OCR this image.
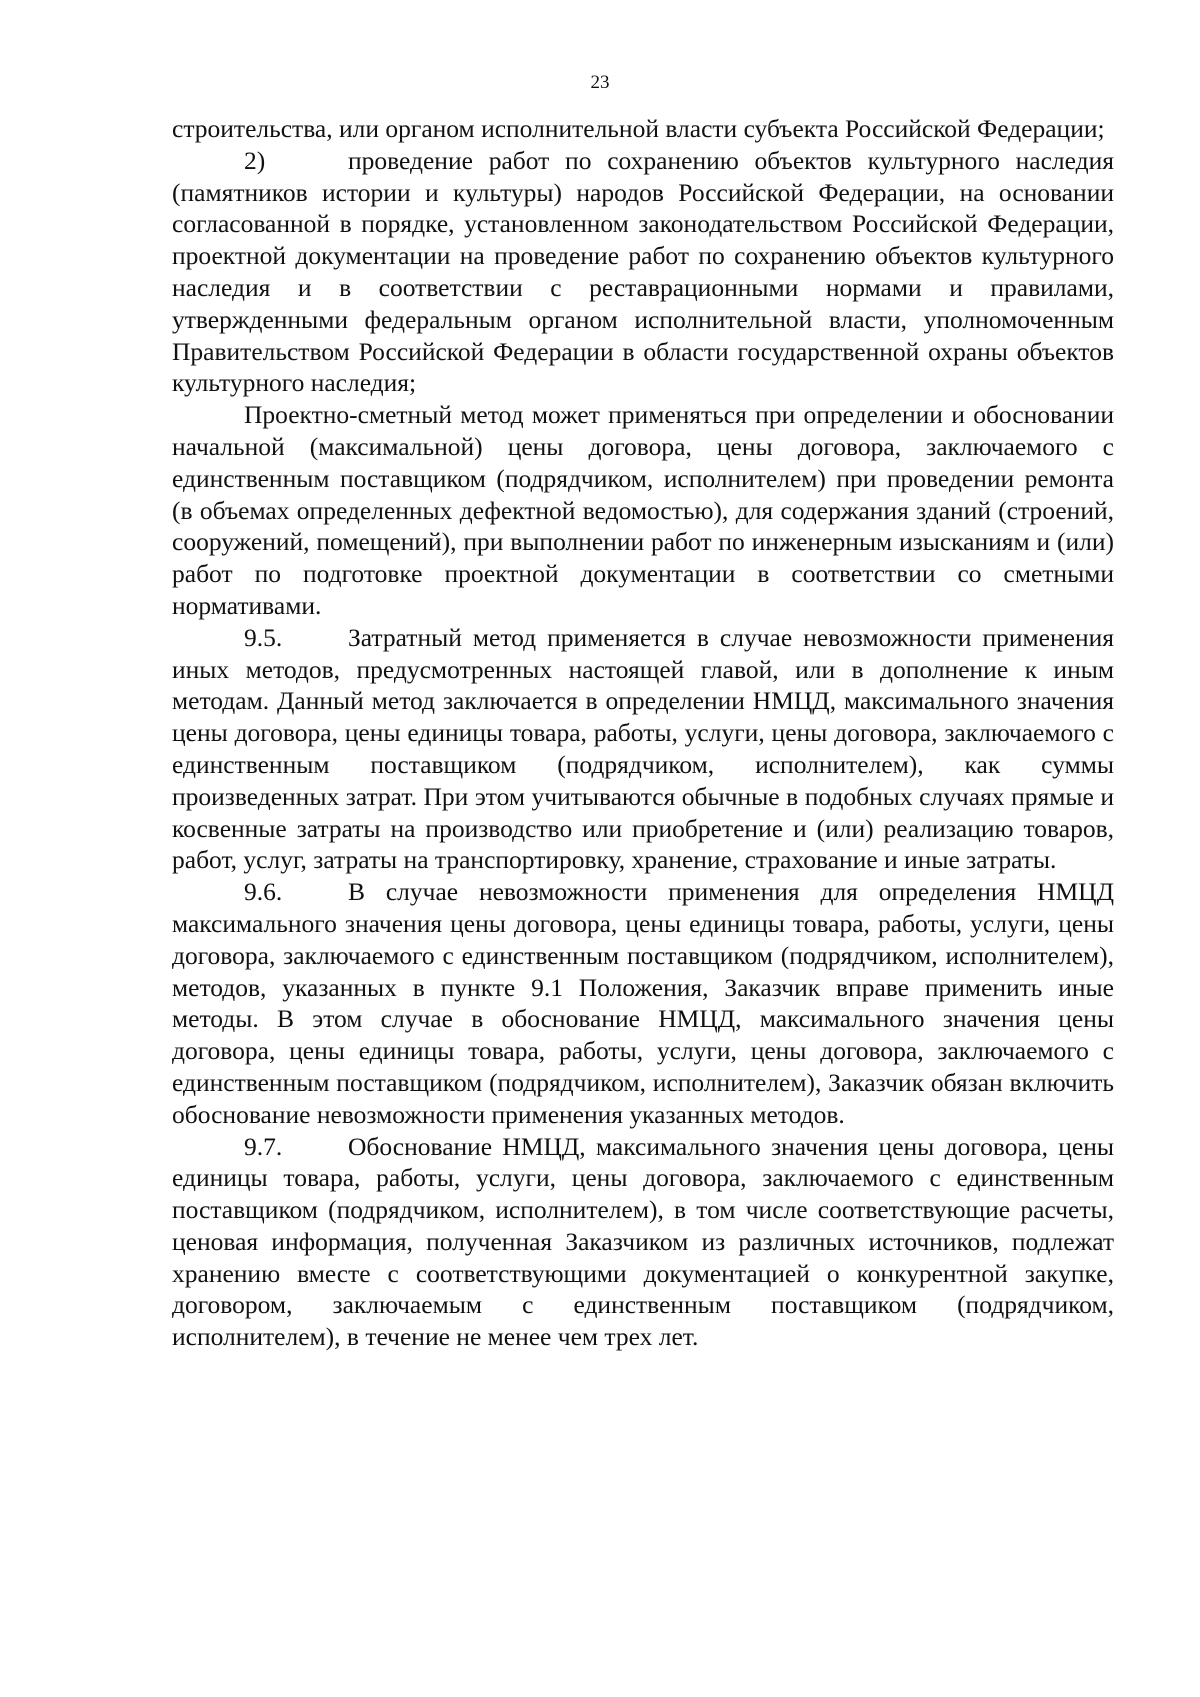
23

строительства, или органом исполнительной власти субъекта Российской Федерации;

2)	проведение работ по сохранению объектов культурного наследия (памятников истории и культуры) народов Российской Федерации, на основании согласованной в порядке, установленном законодательством Российской Федерации, проектной документации на проведение работ по сохранению объектов культурного наследия и в соответствии с реставрационными нормами и правилами, утвержденными федеральным органом исполнительной власти, уполномоченным Правительством Российской Федерации в области государственной охраны объектов культурного наследия;

Проектно-сметный метод может применяться при определении и обосновании начальной (максимальной) цены договора, цены договора, заключаемого с единственным поставщиком (подрядчиком, исполнителем) при проведении ремонта (в объемах определенных дефектной ведомостью), для содержания зданий (строений, сооружений, помещений), при выполнении работ по инженерным изысканиям и (или) работ по подготовке проектной документации в соответствии со сметными нормативами.

9.5.	Затратный метод применяется в случае невозможности применения иных методов, предусмотренных настоящей главой, или в дополнение к иным методам. Данный метод заключается в определении НМЦД, максимального значения цены договора, цены единицы товара, работы, услуги, цены договора, заключаемого с единственным поставщиком (подрядчиком, исполнителем), как суммы произведенных затрат. При этом учитываются обычные в подобных случаях прямые и косвенные затраты на производство или приобретение и (или) реализацию товаров, работ, услуг, затраты на транспортировку, хранение, страхование и иные затраты.

9.6.	В случае невозможности применения для определения НМЦД максимального значения цены договора, цены единицы товара, работы, услуги, цены договора, заключаемого с единственным поставщиком (подрядчиком, исполнителем), методов, указанных в пункте 9.1 Положения, Заказчик вправе применить иные методы. В этом случае в обоснование НМЦД, максимального значения цены договора, цены единицы товара, работы, услуги, цены договора, заключаемого с единственным поставщиком (подрядчиком, исполнителем), Заказчик обязан включить обоснование невозможности применения указанных методов.

9.7.	Обоснование НМЦД, максимального значения цены договора, цены единицы товара, работы, услуги, цены договора, заключаемого с единственным поставщиком (подрядчиком, исполнителем), в том числе соответствующие расчеты, ценовая информация, полученная Заказчиком из различных источников, подлежат хранению вместе с соответствующими документацией о конкурентной закупке, договором, заключаемым с единственным поставщиком (подрядчиком, исполнителем), в течение не менее чем трех лет.
